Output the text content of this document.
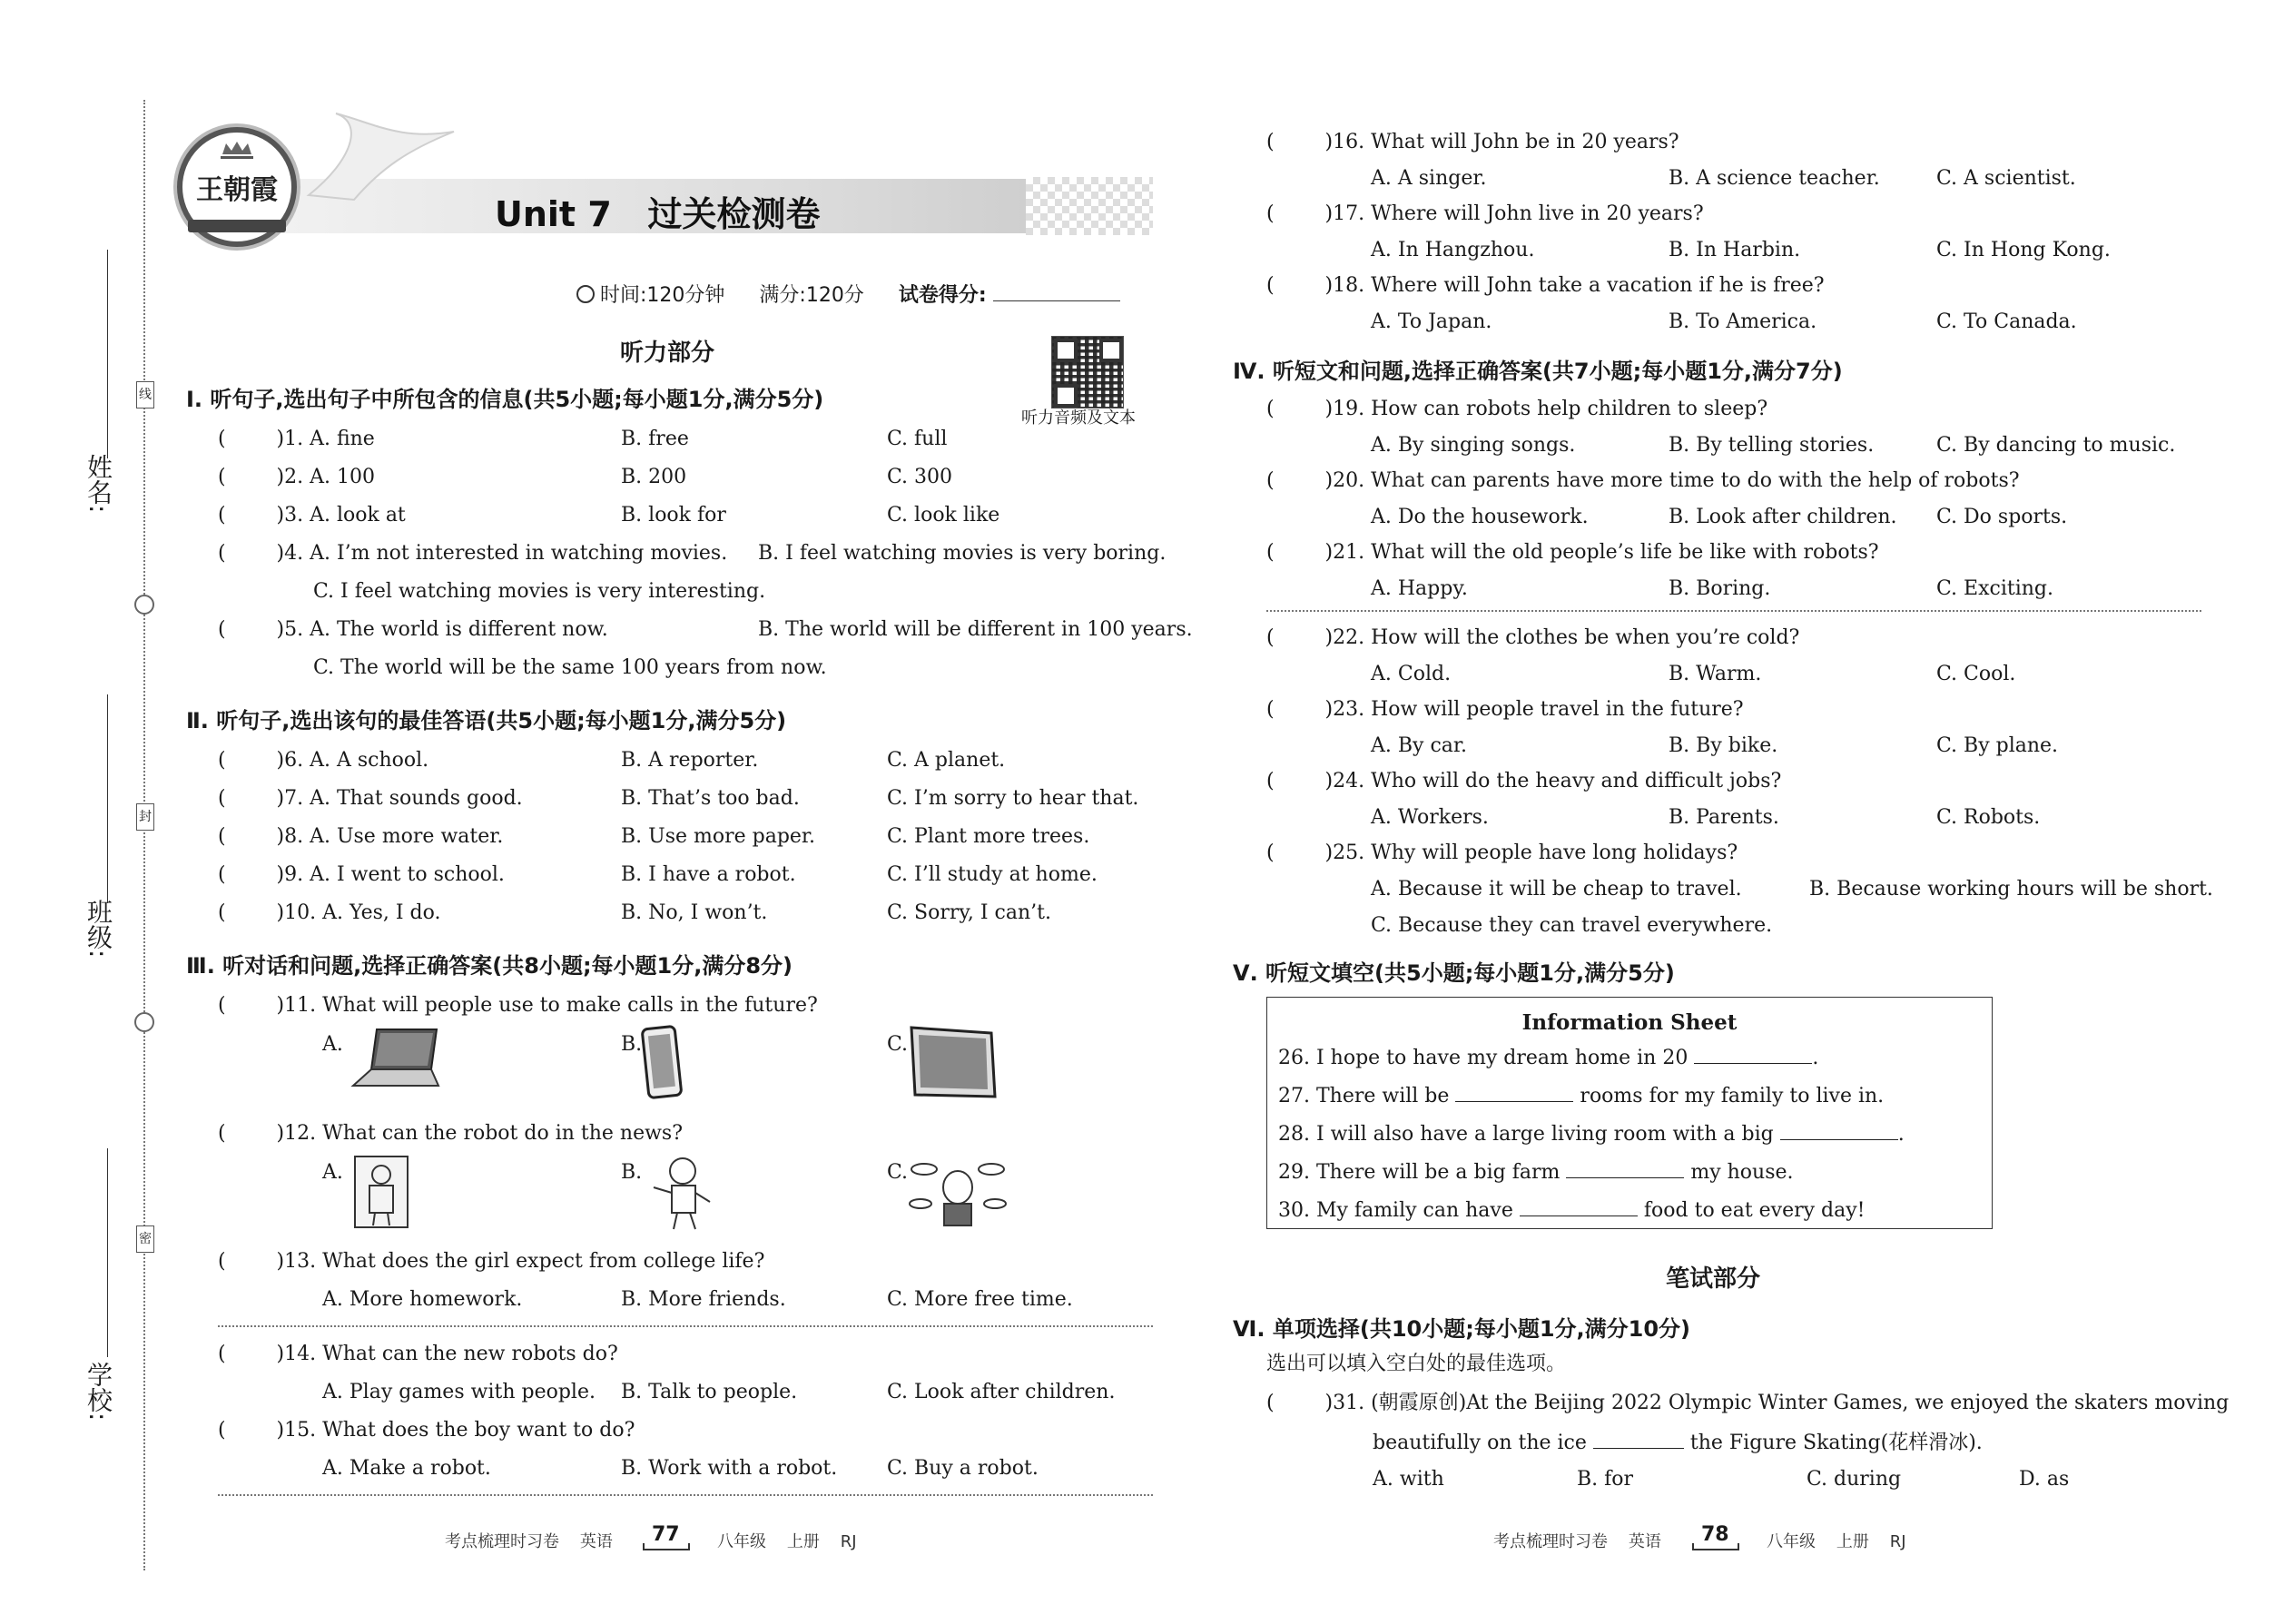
姓名:
班级:
学校:
线
封
密
王朝霞
Unit 7   过关检测卷
时间:120分钟 满分:120分 试卷得分:
听力音频及文本
听力部分
Ⅰ. 听句子,选出句子中所包含的信息(共5小题;每小题1分,满分5分)
(        )1. A. fine	B. free	C. full
(        )2. A. 100	B. 200	C. 300
(        )3. A. look at	B. look for	C. look like
(        )4. A. I’m not interested in watching movies. B. I feel watching movies is very boring.
C. I feel watching movies is very interesting.
(        )5. A. The world is different now.	B. The world will be different in 100 years.
C. The world will be the same 100 years from now.
Ⅱ. 听句子,选出该句的最佳答语(共5小题;每小题1分,满分5分)
(        )6. A. A school.	B. A reporter.	C. A planet.
(        )7. A. That sounds good.	B. That’s too bad.	C. I’m sorry to hear that.
(        )8. A. Use more water.	B. Use more paper.	C. Plant more trees.
(        )9. A. I went to school.	B. I have a robot.	C. I’ll study at home.
(        )10. A. Yes, I do.	B. No, I won’t.	C. Sorry, I can’t.
Ⅲ. 听对话和问题,选择正确答案(共8小题;每小题1分,满分8分)
(        )11. What will people use to make calls in the future?
A.	B.	C.
(        )12. What can the robot do in the news?
A.	B.	C.
(        )13. What does the girl expect from college life?
A. More homework.	B. More friends.	C. More free time.
(        )14. What can the new robots do?
A. Play games with people. B. Talk to people.	C. Look after children.
(        )15. What does the boy want to do?
A. Make a robot.	B. Work with a robot. C. Buy a robot.
考点梳理时习卷    英语 77 八年级    上册    RJ
(        )16. What will John be in 20 years?
A. A singer.	B. A science teacher.	C. A scientist.
(        )17. Where will John live in 20 years?
A. In Hangzhou.	B. In Harbin.	C. In Hong Kong.
(        )18. Where will John take a vacation if he is free?
A. To Japan.	B. To America.	C. To Canada.
Ⅳ. 听短文和问题,选择正确答案(共7小题;每小题1分,满分7分)
(        )19. How can robots help children to sleep?
A. By singing songs.	B. By telling stories.	C. By dancing to music.
(        )20. What can parents have more time to do with the help of robots?
A. Do the housework.	B. Look after children. C. Do sports.
(        )21. What will the old people’s life be like with robots?
A. Happy.	B. Boring.	C. Exciting.
(        )22. How will the clothes be when you’re cold?
A. Cold.	B. Warm.	C. Cool.
(        )23. How will people travel in the future?
A. By car.	B. By bike.	C. By plane.
(        )24. Who will do the heavy and difficult jobs?
A. Workers.	B. Parents.	C. Robots.
(        )25. Why will people have long holidays?
A. Because it will be cheap to travel.	B. Because working hours will be short.
C. Because they can travel everywhere.
Ⅴ. 听短文填空(共5小题;每小题1分,满分5分)
Information Sheet
26. I hope to have my dream home in 20	.
27. There will be	rooms for my family to live in.
28. I will also have a large living room with a big	.
29. There will be a big farm	my house.
30. My family can have	food to eat every day!
笔试部分
Ⅵ. 单项选择(共10小题;每小题1分,满分10分)
选出可以填入空白处的最佳选项。
(        )31. (朝霞原创)At the Beijing 2022 Olympic Winter Games, we enjoyed the skaters moving
beautifully on the ice	the Figure Skating(花样滑冰).
A. with	B. for	C. during	D. as
考点梳理时习卷    英语 78 八年级    上册    RJ
